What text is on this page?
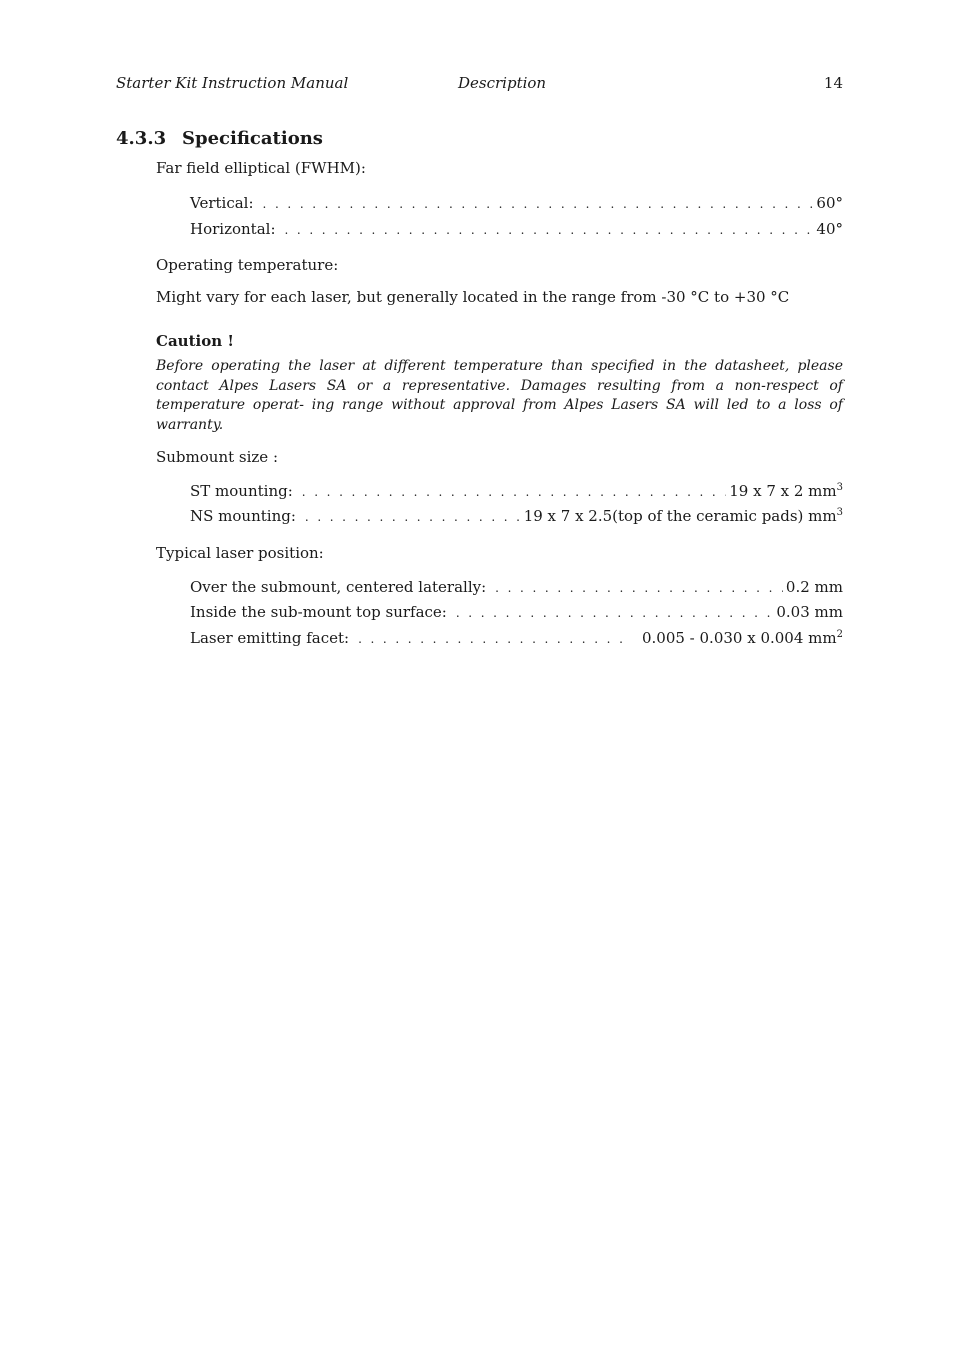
Starter Kit Instruction Manual	Description	14
4.3.3 Specifications
Far field elliptical (FWHM):
Vertical: . . .	60°
Horizontal: . . .	40°
Operating temperature:
Might vary for each laser, but generally located in the range from -30 °C to +30 °C
Caution !
Before operating the laser at different temperature than specified in the datasheet, please contact Alpes Lasers SA or a representative. Damages resulting from a non-respect of temperature operat- ing range without approval from Alpes Lasers SA will led to a loss of warranty.
Submount size :
ST mounting: . . .	19 x 7 x 2 $mm^3$
NS mounting: . . .	19 x 7 x 2.5(top of the ceramic pads) $mm^3$
Typical laser position:
Over the submount, centered laterally: . . .	0.2 mm
Inside the sub-mount top surface: . . .	0.03 mm
Laser emitting facet: . . .	0.005 - 0.030 x 0.004 $mm^2$
